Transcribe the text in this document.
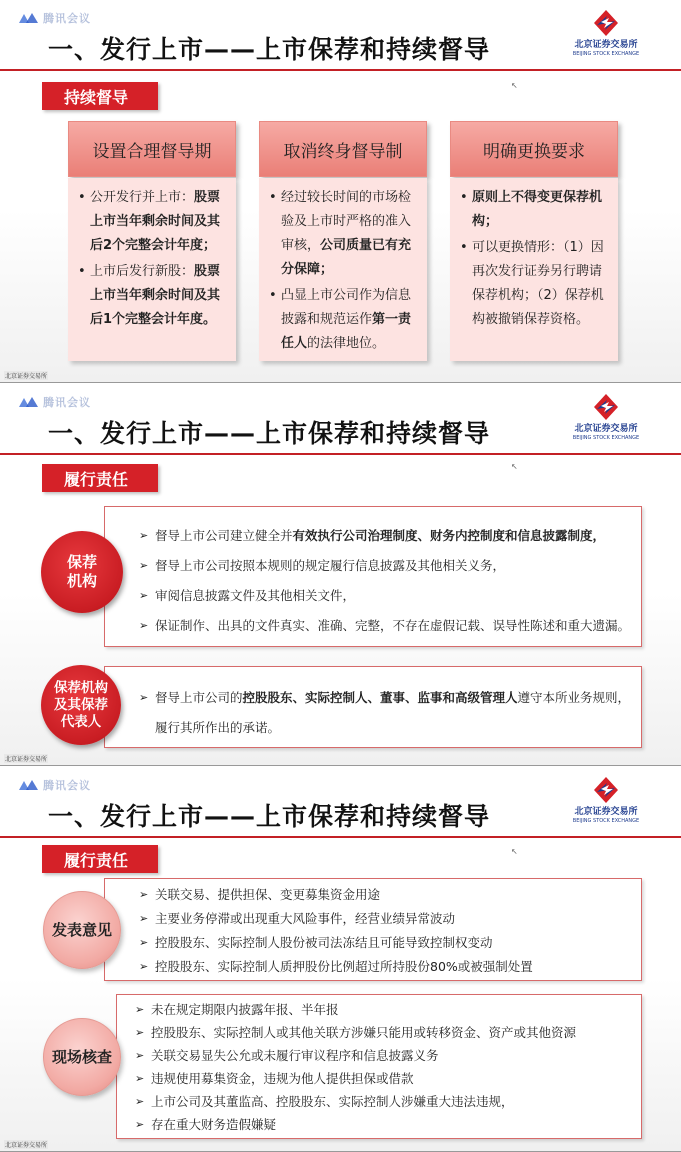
腾讯会议
一、发行上市——上市保荐和持续督导	北京证券交易所
BEIJING STOCK EXCHANGE
↖
持续督导
设置合理督导期
• 公开发行并上市：股票上市当年剩余时间及其后2个完整会计年度；
• 上市后发行新股：股票上市当年剩余时间及其后1个完整会计年度。
取消终身督导制
• 经过较长时间的市场检验及上市时严格的准入审核，公司质量已有充分保障；
• 凸显上市公司作为信息披露和规范运作第一责任人的法律地位。
明确更换要求
• 原则上不得变更保荐机构；
• 可以更换情形：（1）因再次发行证券另行聘请保荐机构；（2）保荐机构被撤销保荐资格。
北京证券交易所
腾讯会议
一、发行上市——上市保荐和持续督导	北京证券交易所
BEIJING STOCK EXCHANGE
↖
履行责任
➢ 督导上市公司建立健全并有效执行公司治理制度、财务内控制度和信息披露制度，
➢ 督导上市公司按照本规则的规定履行信息披露及其他相关义务，
➢ 审阅信息披露文件及其他相关文件，
➢ 保证制作、出具的文件真实、准确、完整，不存在虚假记载、误导性陈述和重大遗漏。
保荐
机构
➢ 督导上市公司的控股股东、实际控制人、董事、监事和高级管理人遵守本所业务规则，
履行其所作出的承诺。
保荐机构
及其保荐
代表人
北京证券交易所
腾讯会议
一、发行上市——上市保荐和持续督导	北京证券交易所
BEIJING STOCK EXCHANGE
↖
履行责任
➢ 关联交易、提供担保、变更募集资金用途
➢ 主要业务停滞或出现重大风险事件，经营业绩异常波动
➢ 控股股东、实际控制人股份被司法冻结且可能导致控制权变动
➢ 控股股东、实际控制人质押股份比例超过所持股份80%或被强制处置
发表意见
➢ 未在规定期限内披露年报、半年报
➢ 控股股东、实际控制人或其他关联方涉嫌只能用或转移资金、资产或其他资源
➢ 关联交易显失公允或未履行审议程序和信息披露义务
➢ 违规使用募集资金，违规为他人提供担保或借款
➢ 上市公司及其董监高、控股股东、实际控制人涉嫌重大违法违规，
➢ 存在重大财务造假嫌疑
现场核查
北京证券交易所
